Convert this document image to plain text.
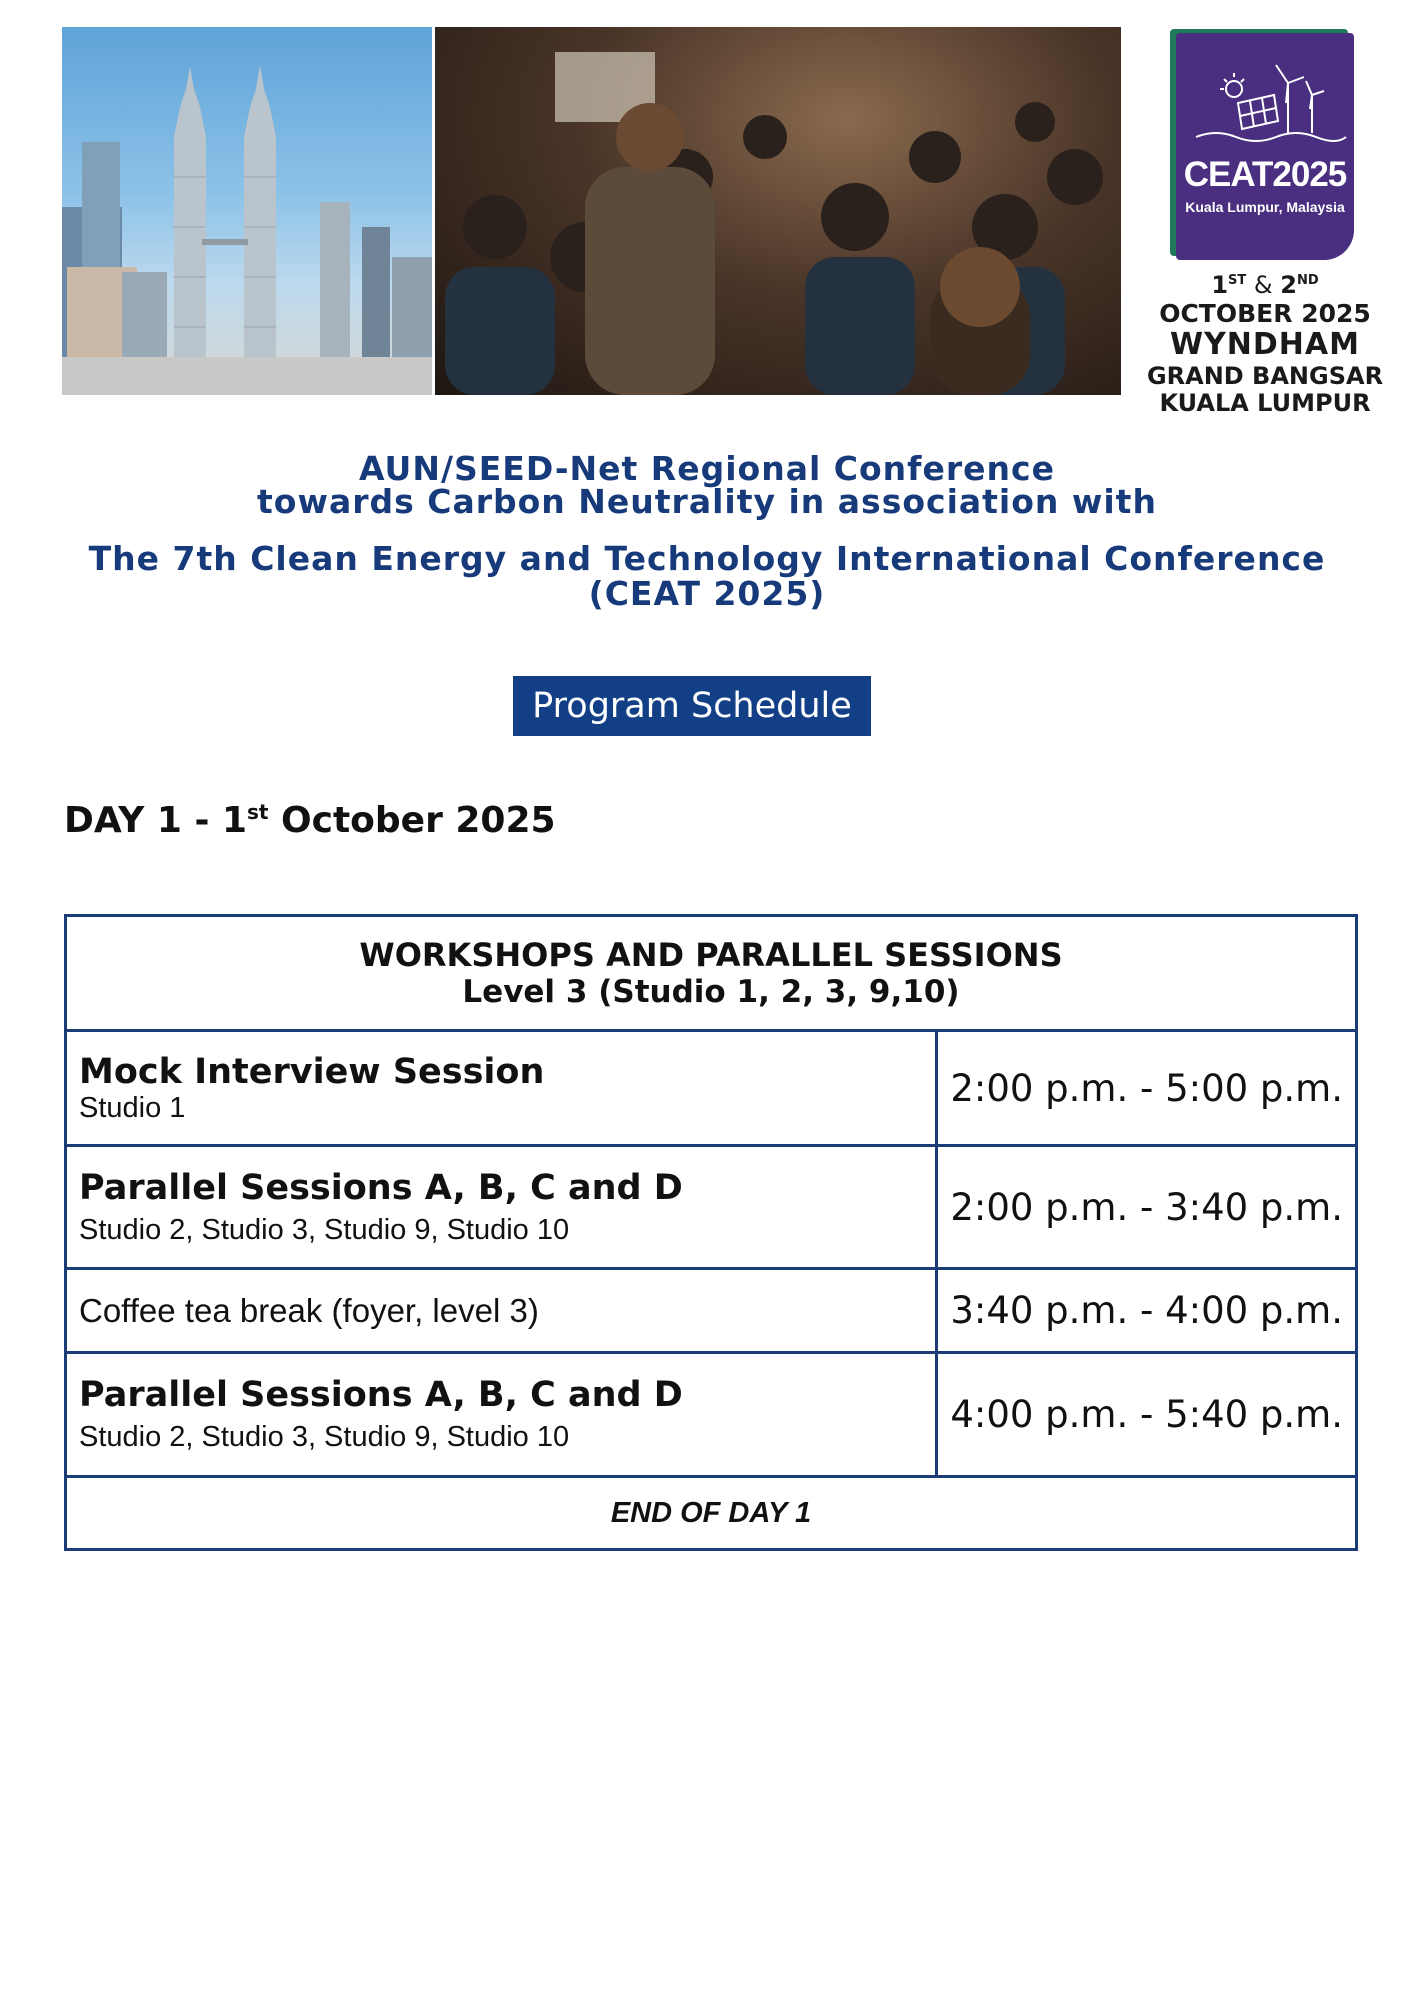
CEAT2025
Kuala Lumpur, Malaysia
1ST & 2ND
OCTOBER 2025
WYNDHAM
GRAND BANGSAR
KUALA LUMPUR
AUN/SEED-Net Regional Conference
towards Carbon Neutrality in association with
The 7th Clean Energy and Technology International Conference
(CEAT 2025)
Program Schedule
DAY 1 - 1st October 2025
WORKSHOPS AND PARALLEL SESSIONS
Level 3 (Studio 1, 2, 3, 9,10)	

Mock Interview Session
Studio 1	2:00 p.m. - 5:00 p.m.

Parallel Sessions A, B, C and D
Studio 2, Studio 3, Studio 9, Studio 10	2:00 p.m. - 3:40 p.m.

Coffee tea break (foyer, level 3)	3:40 p.m. - 4:00 p.m.

Parallel Sessions A, B, C and D
Studio 2, Studio 3, Studio 9, Studio 10	4:00 p.m. - 5:40 p.m.
END OF DAY 1	
